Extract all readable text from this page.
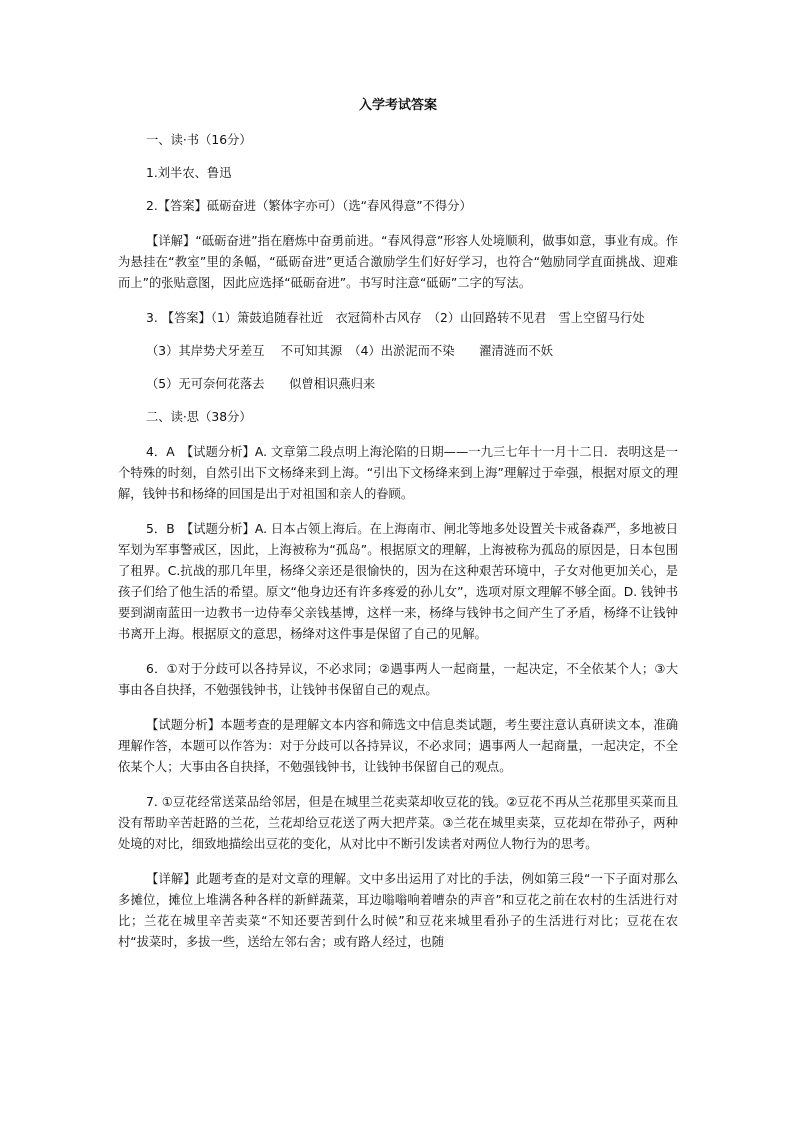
入学考试答案

一、读·书（16分）

1.刘半农、鲁迅

2.【答案】砥砺奋进（繁体字亦可）（选“春风得意”不得分）

【详解】“砥砺奋进”指在磨炼中奋勇前进。“春风得意”形容人处境顺利，做事如意，事业有成。作为悬挂在“教室”里的条幅，“砥砺奋进”更适合激励学生们好好学习，也符合“勉励同学直面挑战、迎难而上”的张贴意图，因此应选择“砥砺奋进”。书写时注意“砥砺”二字的写法。

3. 【答案】（1）箫鼓追随春社近　衣冠简朴古风存　（2）山回路转不见君　雪上空留马行处

（3）其岸势犬牙差互　 不可知其源　（4）出淤泥而不染　　濯清涟而不妖

（5）无可奈何花落去　　似曾相识燕归来

二、读·思（38分）

4．A　【试题分析】A. 文章第二段点明上海沦陷的日期——一九三七年十一月十二日．表明这是一个特殊的时刻，自然引出下文杨绛来到上海。“引出下文杨绛来到上海”理解过于牵强，根据对原文的理解，钱钟书和杨绛的回国是出于对祖国和亲人的眷顾。

5．B　【试题分析】A. 日本占领上海后。在上海南市、闸北等地多处设置关卡戒备森严，多地被日军划为军事警戒区，因此，上海被称为“孤岛”。根据原文的理解，上海被称为孤岛的原因是，日本包围了租界。C.抗战的那几年里，杨绛父亲还是很愉快的，因为在这种艰苦环境中，子女对他更加关心，是孩子们给了他生活的希望。原文“他身边还有许多疼爱的孙儿女”，选项对原文理解不够全面。D. 钱钟书要到湖南蓝田一边教书一边侍奉父亲钱基博，这样一来，杨绛与钱钟书之间产生了矛盾，杨绛不让钱钟书离开上海。根据原文的意思，杨绛对这件事是保留了自己的见解。

6．①对于分歧可以各持异议，不必求同；②遇事两人一起商量，一起决定，不全依某个人；③大事由各自抉择，不勉强钱钟书，让钱钟书保留自己的观点。

【试题分析】本题考查的是理解文本内容和筛选文中信息类试题，考生要注意认真研读文本，准确理解作答，本题可以作答为：对于分歧可以各持异议，不必求同；遇事两人一起商量，一起决定，不全依某个人；大事由各自抉择，不勉强钱钟书，让钱钟书保留自己的观点。

7. ①豆花经常送菜品给邻居，但是在城里兰花卖菜却收豆花的钱。②豆花不再从兰花那里买菜而且没有帮助辛苦赶路的兰花，兰花却给豆花送了两大把芹菜。③兰花在城里卖菜，豆花却在带孙子，两种处境的对比，细致地描绘出豆花的变化，从对比中不断引发读者对两位人物行为的思考。

【详解】此题考查的是对文章的理解。文中多出运用了对比的手法，例如第三段“一下子面对那么多摊位，摊位上堆满各种各样的新鲜蔬菜，耳边嗡嗡响着嘈杂的声音”和豆花之前在农村的生活进行对比；兰花在城里辛苦卖菜“不知还要苦到什么时候”和豆花来城里看孙子的生活进行对比；豆花在农村“拔菜时，多拔一些，送给左邻右舍；或有路人经过，也随
